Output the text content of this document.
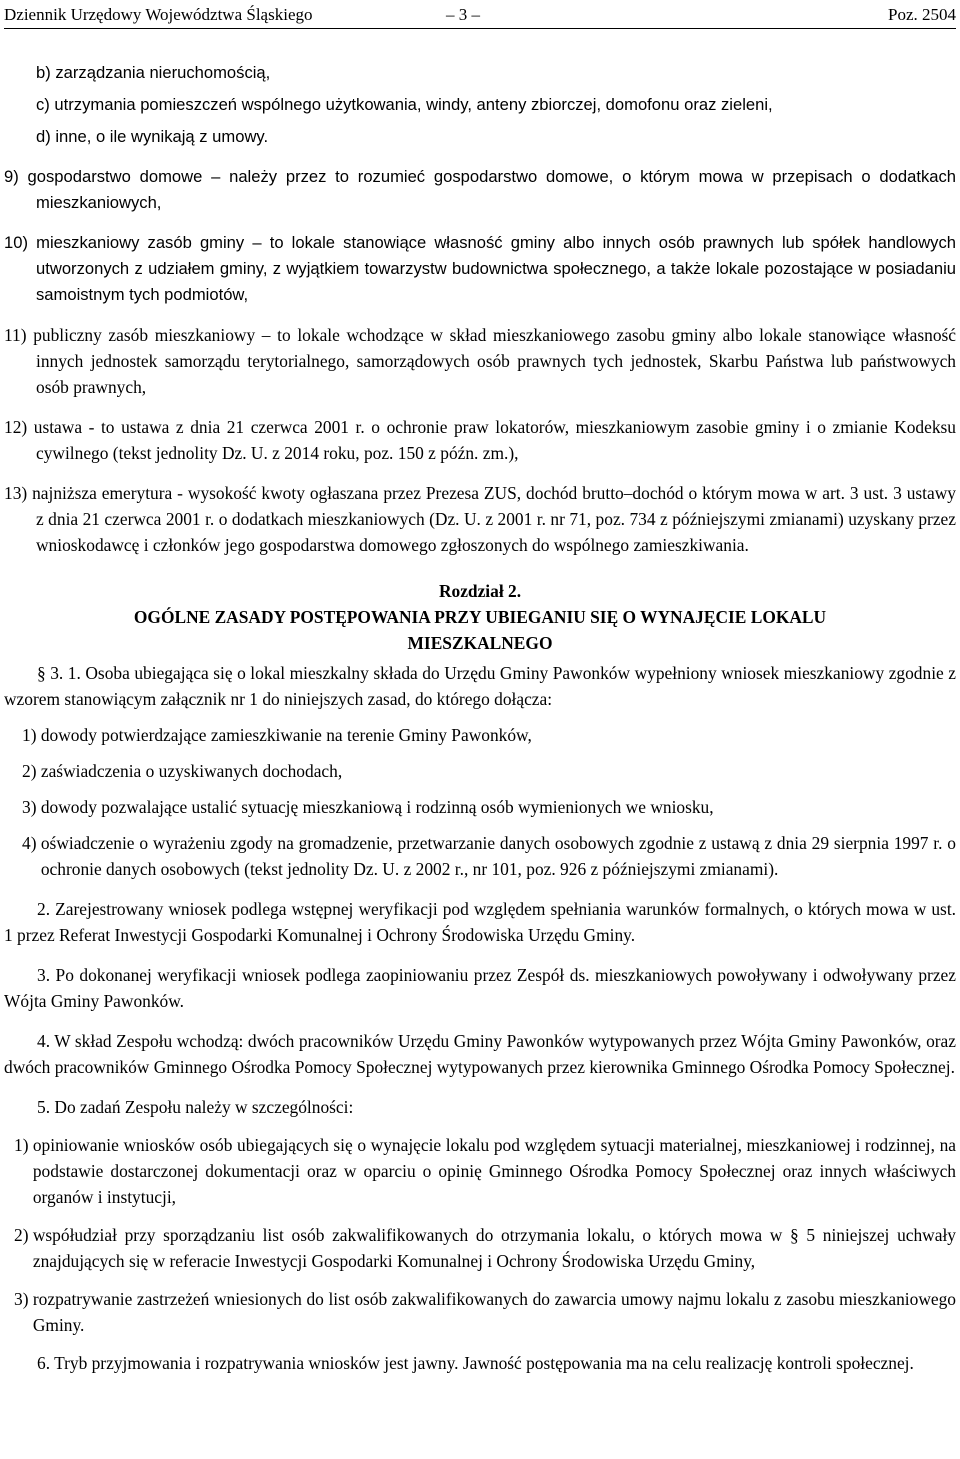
Dziennik Urzędowy Województwa Śląskiego	– 3 –	Poz. 2504

b) zarządzania nieruchomością,

c) utrzymania pomieszczeń wspólnego użytkowania, windy, anteny zbiorczej, domofonu oraz zieleni,

d) inne, o ile wynikają z umowy.

9) gospodarstwo domowe – należy przez to rozumieć gospodarstwo domowe, o którym mowa w przepisach o dodatkach mieszkaniowych,

10) mieszkaniowy zasób gminy – to lokale stanowiące własność gminy albo innych osób prawnych lub spółek handlowych utworzonych z udziałem gminy, z wyjątkiem towarzystw budownictwa społecznego, a także lokale pozostające w posiadaniu samoistnym tych podmiotów,

11) publiczny zasób mieszkaniowy – to lokale wchodzące w skład mieszkaniowego zasobu gminy albo lokale stanowiące własność innych jednostek samorządu terytorialnego, samorządowych osób prawnych tych jednostek, Skarbu Państwa lub państwowych osób prawnych,

12) ustawa - to ustawa z dnia 21 czerwca 2001 r. o ochronie praw lokatorów, mieszkaniowym zasobie gminy i o zmianie Kodeksu cywilnego (tekst jednolity Dz. U. z 2014 roku, poz. 150 z późn. zm.),

13) najniższa emerytura - wysokość kwoty ogłaszana przez Prezesa ZUS, dochód brutto–dochód o którym mowa w art. 3 ust. 3 ustawy z dnia 21 czerwca 2001 r. o dodatkach mieszkaniowych (Dz. U. z 2001 r. nr 71, poz. 734 z późniejszymi zmianami) uzyskany przez wnioskodawcę i członków jego gospodarstwa domowego zgłoszonych do wspólnego zamieszkiwania.

Rozdział 2.

OGÓLNE ZASADY POSTĘPOWANIA PRZY UBIEGANIU SIĘ O WYNAJĘCIE LOKALU MIESZKALNEGO

§ 3. 1. Osoba ubiegająca się o lokal mieszkalny składa do Urzędu Gminy Pawonków wypełniony wniosek mieszkaniowy zgodnie z wzorem stanowiącym załącznik nr 1 do niniejszych zasad, do którego dołącza:

1)
dowody potwierdzające zamieszkiwanie na terenie Gminy Pawonków,
2)
zaświadczenia o uzyskiwanych dochodach,
3)
dowody pozwalające ustalić sytuację mieszkaniową i rodzinną osób wymienionych we wniosku,
4)
oświadczenie o wyrażeniu zgody na gromadzenie, przetwarzanie danych osobowych zgodnie z ustawą z dnia 29 sierpnia 1997 r. o ochronie danych osobowych (tekst jednolity Dz. U. z 2002 r., nr 101, poz. 926 z późniejszymi zmianami).

2. Zarejestrowany wniosek podlega wstępnej weryfikacji pod względem spełniania warunków formalnych, o których mowa w ust. 1 przez Referat Inwestycji Gospodarki Komunalnej i Ochrony Środowiska Urzędu Gminy.

3. Po dokonanej weryfikacji wniosek podlega zaopiniowaniu przez Zespół ds. mieszkaniowych powoływany i odwoływany przez Wójta Gminy Pawonków.

4. W skład Zespołu wchodzą: dwóch pracowników Urzędu Gminy Pawonków wytypowanych przez Wójta Gminy Pawonków, oraz dwóch pracowników Gminnego Ośrodka Pomocy Społecznej wytypowanych przez kierownika Gminnego Ośrodka Pomocy Społecznej.

5. Do zadań Zespołu należy w szczególności:

1)
opiniowanie wniosków osób ubiegających się o wynajęcie lokalu pod względem sytuacji materialnej, mieszkaniowej i rodzinnej, na podstawie dostarczonej dokumentacji oraz w oparciu o opinię Gminnego Ośrodka Pomocy Społecznej oraz innych właściwych organów i instytucji,
2)
współudział przy sporządzaniu list osób zakwalifikowanych do otrzymania lokalu, o których mowa w § 5 niniejszej uchwały znajdujących się w referacie Inwestycji Gospodarki Komunalnej i Ochrony Środowiska Urzędu Gminy,
3)
rozpatrywanie zastrzeżeń wniesionych do list osób zakwalifikowanych do zawarcia umowy najmu lokalu z zasobu mieszkaniowego Gminy.

6. Tryb przyjmowania i rozpatrywania wniosków jest jawny. Jawność postępowania ma na celu realizację kontroli społecznej.
